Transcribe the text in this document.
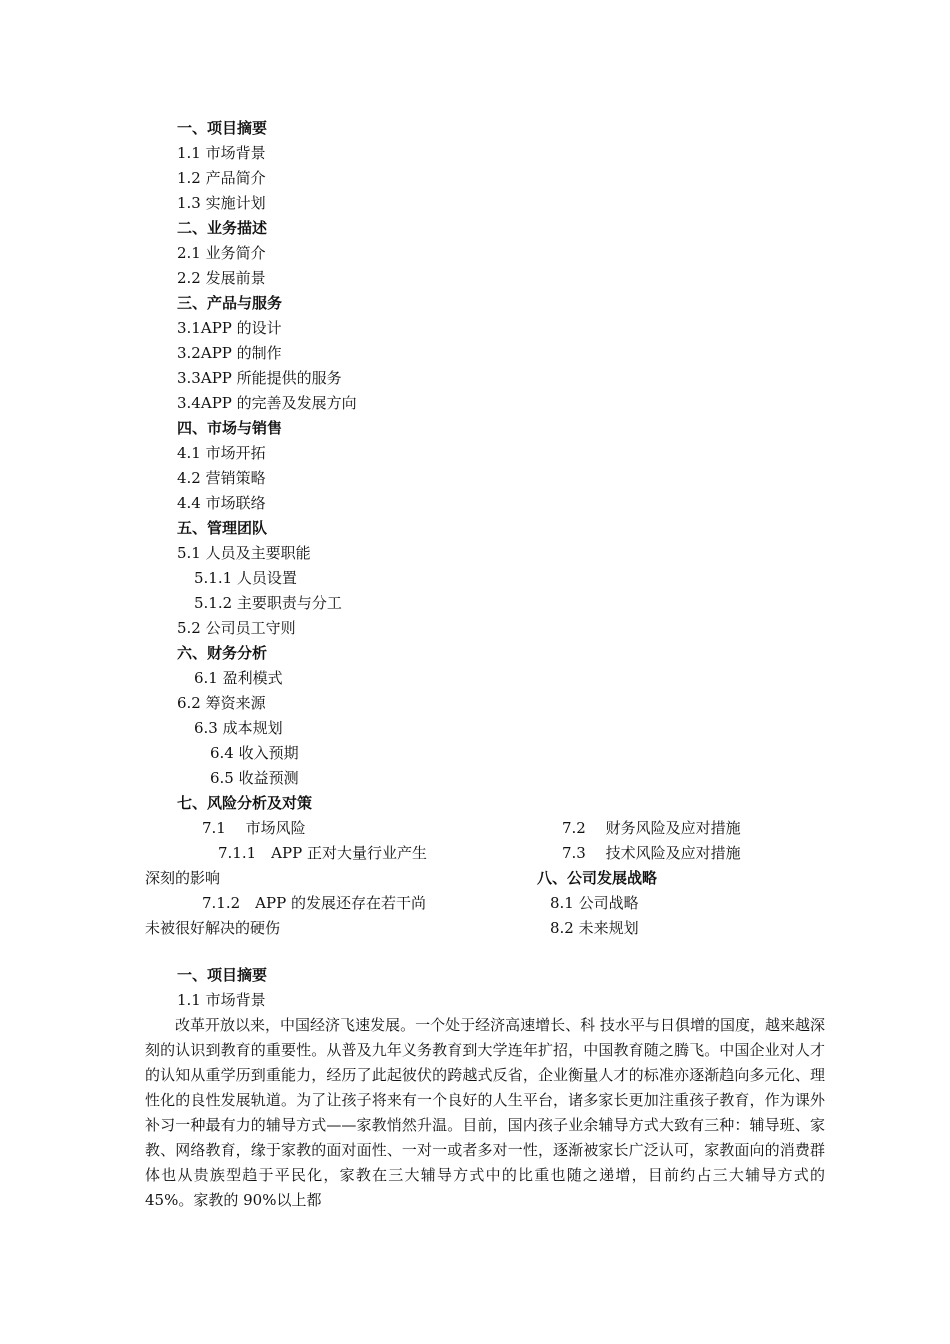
一、项目摘要
1.1 市场背景
1.2 产品简介
1.3 实施计划
二、业务描述
2.1 业务简介
2.2 发展前景
三、产品与服务
3.1APP 的设计
3.2APP 的制作
3.3APP 所能提供的服务
3.4APP 的完善及发展方向
四、市场与销售
4.1 市场开拓
4.2 营销策略
4.4 市场联络
五、管理团队
5.1 人员及主要职能
5.1.1 人员设置
5.1.2 主要职责与分工
5.2 公司员工守则
六、财务分析
6.1 盈利模式
6.2 筹资来源
6.3 成本规划
6.4 收入预期
6.5 收益预测
七、风险分析及对策
7.1　 市场风险
7.1.1　APP 正对大量行业产生
深刻的影响
7.1.2　APP 的发展还存在若干尚
未被很好解决的硬伤
7.2　 财务风险及应对措施
7.3　 技术风险及应对措施
八、公司发展战略
8.1 公司战略
8.2 未来规划
一、项目摘要
1.1 市场背景
改革开放以来，中国经济飞速发展。一个处于经济高速增长、科 技水平与日俱增的国度，越来越深刻的认识到教育的重要性。从普及九年义务教育到大学连年扩招，中国教育随之腾飞。中国企业对人才的认知从重学历到重能力，经历了此起彼伏的跨越式反省，企业衡量人才的标准亦逐渐趋向多元化、理性化的良性发展轨道。为了让孩子将来有一个良好的人生平台，诸多家长更加注重孩子教育，作为课外补习一种最有力的辅导方式——家教悄然升温。目前，国内孩子业余辅导方式大致有三种：辅导班、家教、网络教育，缘于家教的面对面性、一对一或者多对一性，逐渐被家长广泛认可，家教面向的消费群体也从贵族型趋于平民化，家教在三大辅导方式中的比重也随之递增，目前约占三大辅导方式的 45%。家教的 90%以上都
